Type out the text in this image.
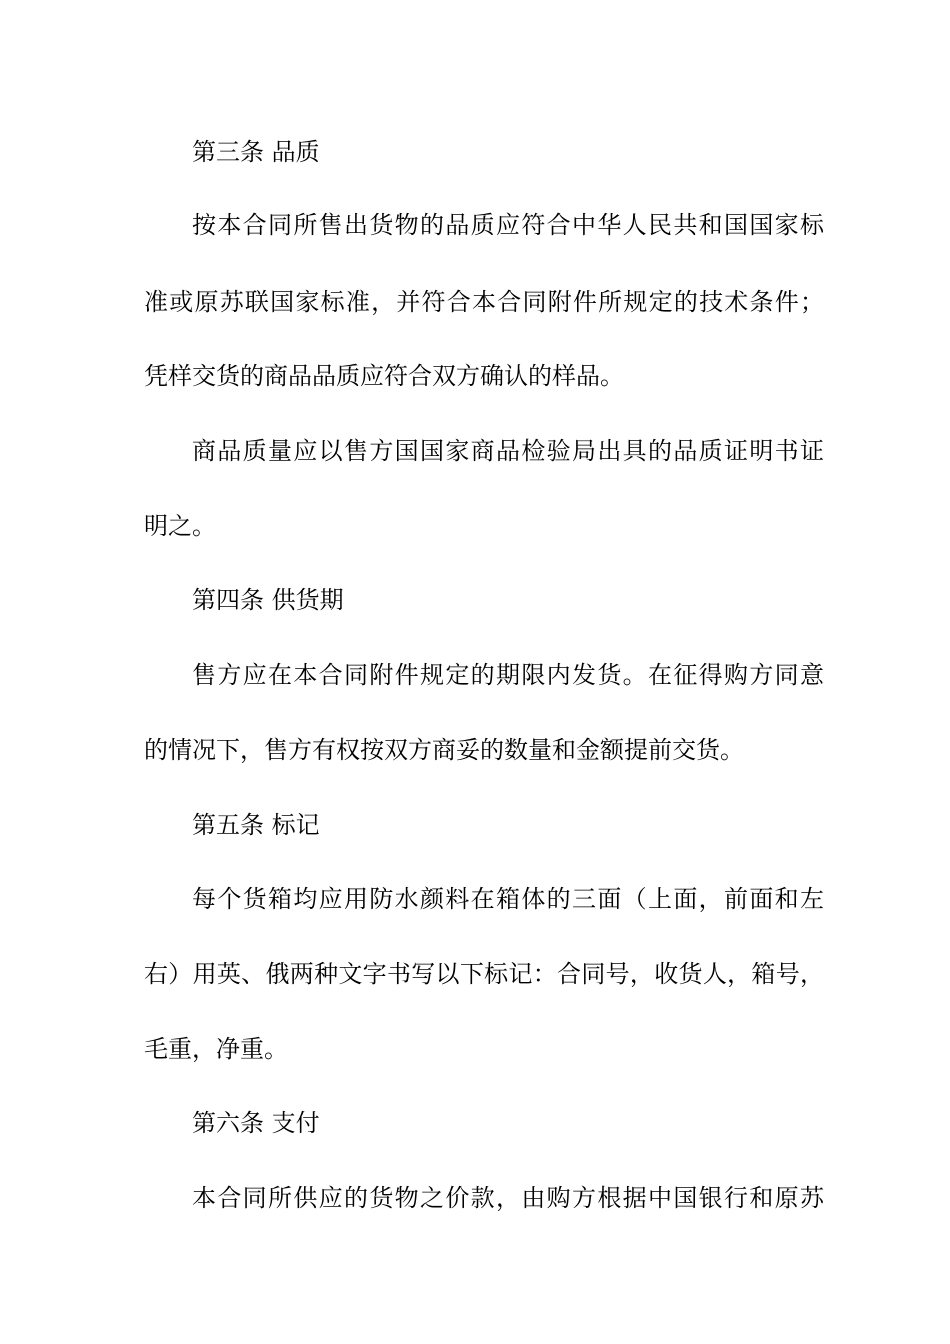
第三条 品质
按本合同所售出货物的品质应符合中华人民共和国国家标
准或原苏联国家标准，并符合本合同附件所规定的技术条件；
凭样交货的商品品质应符合双方确认的样品。
商品质量应以售方国国家商品检验局出具的品质证明书证
明之。
第四条 供货期
售方应在本合同附件规定的期限内发货。在征得购方同意
的情况下，售方有权按双方商妥的数量和金额提前交货。
第五条 标记
每个货箱均应用防水颜料在箱体的三面（上面，前面和左
右）用英、俄两种文字书写以下标记：合同号，收货人，箱号，
毛重，净重。
第六条 支付
本合同所供应的货物之价款，由购方根据中国银行和原苏
